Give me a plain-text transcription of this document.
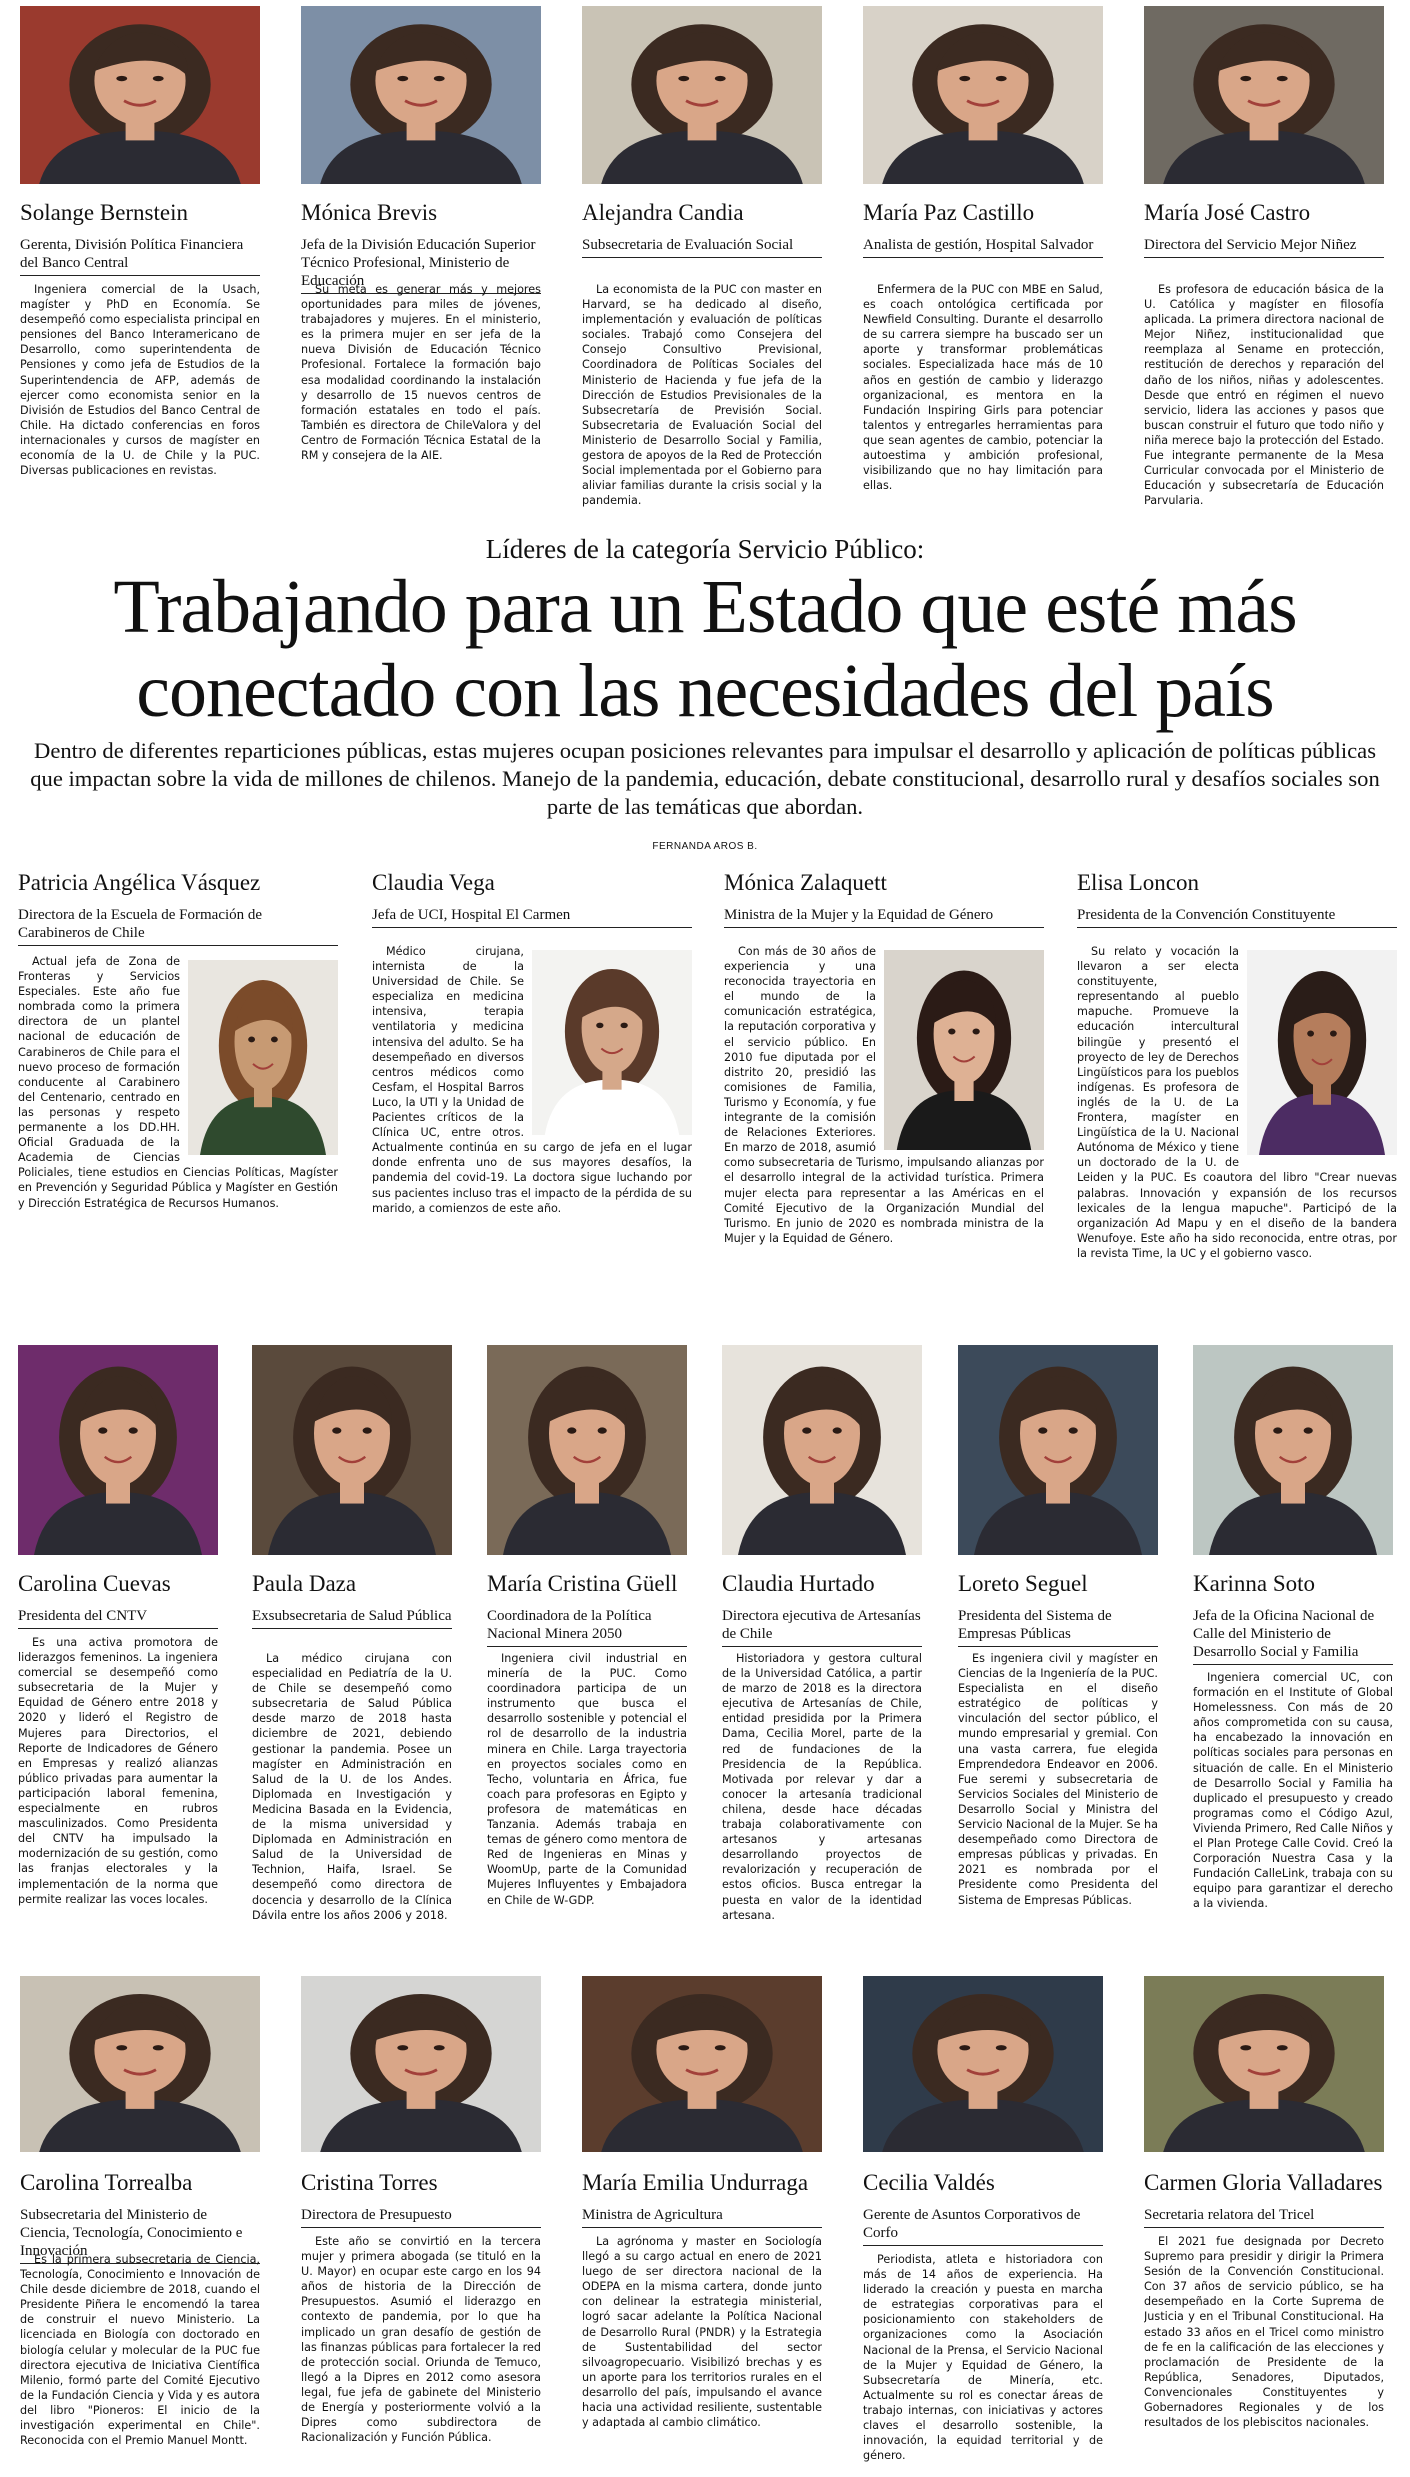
Solange Bernstein
Gerenta, División Política Financiera del Banco Central
Ingeniera comercial de la Usach, magíster y PhD en Economía. Se desempeñó como especialista principal en pensiones del Banco Interamericano de Desarrollo, como superintendenta de Pensiones y como jefa de Estudios de la Superintendencia de AFP, además de ejercer como economista senior en la División de Estudios del Banco Central de Chile. Ha dictado conferencias en foros internacionales y cursos de magíster en economía de la U. de Chile y la PUC. Diversas publicaciones en revistas.
Mónica Brevis
Jefa de la División Educación Superior Técnico Profesional, Ministerio de Educación
Su meta es generar más y mejores oportunidades para miles de jóvenes, trabajadores y mujeres. En el ministerio, es la primera mujer en ser jefa de la nueva División de Educación Técnico Profesional. Fortalece la formación bajo esa modalidad coordinando la instalación y desarrollo de 15 nuevos centros de formación estatales en todo el país. También es directora de ChileValora y del Centro de Formación Técnica Estatal de la RM y consejera de la AIE.
Alejandra Candia
Subsecretaria de Evaluación Social
La economista de la PUC con master en Harvard, se ha dedicado al diseño, implementación y evaluación de políticas sociales. Trabajó como Consejera del Consejo Consultivo Previsional, Coordinadora de Políticas Sociales del Ministerio de Hacienda y fue jefa de la Dirección de Estudios Previsionales de la Subsecretaría de Previsión Social. Subsecretaria de Evaluación Social del Ministerio de Desarrollo Social y Familia, gestora de apoyos de la Red de Protección Social implementada por el Gobierno para aliviar familias durante la crisis social y la pandemia.
María Paz Castillo
Analista de gestión, Hospital Salvador
Enfermera de la PUC con MBE en Salud, es coach ontológica certificada por Newfield Consulting. Durante el desarrollo de su carrera siempre ha buscado ser un aporte y transformar problemáticas sociales. Especializada hace más de 10 años en gestión de cambio y liderazgo organizacional, es mentora en la Fundación Inspiring Girls para potenciar talentos y entregarles herramientas para que sean agentes de cambio, potenciar la autoestima y ambición profesional, visibilizando que no hay limitación para ellas.
María José Castro
Directora del Servicio Mejor Niñez
Es profesora de educación básica de la U. Católica y magíster en filosofía aplicada. La primera directora nacional de Mejor Niñez, institucionalidad que reemplaza al Sename en protección, restitución de derechos y reparación del daño de los niños, niñas y adolescentes. Desde que entró en régimen el nuevo servicio, lidera las acciones y pasos que buscan construir el futuro que todo niño y niña merece bajo la protección del Estado. Fue integrante permanente de la Mesa Curricular convocada por el Ministerio de Educación y subsecretaría de Educación Parvularia.
Líderes de la categoría Servicio Público:
Trabajando para un Estado que esté más
conectado con las necesidades del país
Dentro de diferentes reparticiones públicas, estas mujeres ocupan posiciones relevantes para impulsar el desarrollo y aplicación de políticas públicas que impactan sobre la vida de millones de chilenos. Manejo de la pandemia, educación, debate constitucional, desarrollo rural y desafíos sociales son parte de las temáticas que abordan.
FERNANDA AROS B.
Patricia Angélica Vásquez
Directora de la Escuela de Formación de Carabineros de Chile
Actual jefa de Zona de Fronteras y Servicios Especiales. Este año fue nombrada como la primera directora de un plantel nacional de educación de Carabineros de Chile para el nuevo proceso de formación conducente al Carabinero del Centenario, centrado en las personas y respeto permanente a los DD.HH. Oficial Graduada de la Academia de Ciencias Policiales, tiene estudios en Ciencias Políticas, Magíster en Prevención y Seguridad Pública y Magíster en Gestión y Dirección Estratégica de Recursos Humanos.
Claudia Vega
Jefa de UCI, Hospital El Carmen
Médico cirujana, internista de la Universidad de Chile. Se especializa en medicina intensiva, terapia ventilatoria y medicina intensiva del adulto. Se ha desempeñado en diversos centros médicos como Cesfam, el Hospital Barros Luco, la UTI y la Unidad de Pacientes críticos de la Clínica UC, entre otros. Actualmente continúa en su cargo de jefa en el lugar donde enfrenta uno de sus mayores desafíos, la pandemia del covid-19. La doctora sigue luchando por sus pacientes incluso tras el impacto de la pérdida de su marido, a comienzos de este año.
Mónica Zalaquett
Ministra de la Mujer y la Equidad de Género
Con más de 30 años de experiencia y una reconocida trayectoria en el mundo de la comunicación estratégica, la reputación corporativa y el servicio público. En 2010 fue diputada por el distrito 20, presidió las comisiones de Familia, Turismo y Economía, y fue integrante de la comisión de Relaciones Exteriores. En marzo de 2018, asumió como subsecretaria de Turismo, impulsando alianzas por el desarrollo integral de la actividad turística. Primera mujer electa para representar a las Américas en el Comité Ejecutivo de la Organización Mundial del Turismo. En junio de 2020 es nombrada ministra de la Mujer y la Equidad de Género.
Elisa Loncon
Presidenta de la Convención Constituyente
Su relato y vocación la llevaron a ser electa constituyente, representando al pueblo mapuche. Promueve la educación intercultural bilingüe y presentó el proyecto de ley de Derechos Lingüísticos para los pueblos indígenas. Es profesora de inglés de la U. de La Frontera, magíster en Lingüística de la U. Nacional Autónoma de México y tiene un doctorado de la U. de Leiden y la PUC. Es coautora del libro "Crear nuevas palabras. Innovación y expansión de los recursos lexicales de la lengua mapuche". Participó de la organización Ad Mapu y en el diseño de la bandera Wenufoye. Este año ha sido reconocida, entre otras, por la revista Time, la UC y el gobierno vasco.
Carolina Cuevas
Presidenta del CNTV
Es una activa promotora de liderazgos femeninos. La ingeniera comercial se desempeñó como subsecretaria de la Mujer y Equidad de Género entre 2018 y 2020 y lideró el Registro de Mujeres para Directorios, el Reporte de Indicadores de Género en Empresas y realizó alianzas público privadas para aumentar la participación laboral femenina, especialmente en rubros masculinizados. Como Presidenta del CNTV ha impulsado la modernización de su gestión, como las franjas electorales y la implementación de la norma que permite realizar las voces locales.
Paula Daza
Exsubsecretaria de Salud Pública
La médico cirujana con especialidad en Pediatría de la U. de Chile se desempeñó como subsecretaria de Salud Pública desde marzo de 2018 hasta diciembre de 2021, debiendo gestionar la pandemia. Posee un magíster en Administración en Salud de la U. de los Andes. Diplomada en Investigación y Medicina Basada en la Evidencia, de la misma universidad y Diplomada en Administración en Salud de la Universidad de Technion, Haifa, Israel. Se desempeñó como directora de docencia y desarrollo de la Clínica Dávila entre los años 2006 y 2018.
María Cristina Güell
Coordinadora de la Política Nacional Minera 2050
Ingeniera civil industrial en minería de la PUC. Como coordinadora participa de un instrumento que busca el desarrollo sostenible y potencial el rol de desarrollo de la industria minera en Chile. Larga trayectoria en proyectos sociales como en Techo, voluntaria en África, fue coach para profesoras en Egipto y profesora de matemáticas en Tanzania. Además trabaja en temas de género como mentora de Red de Ingenieras en Minas y WoomUp, parte de la Comunidad Mujeres Influyentes y Embajadora en Chile de W-GDP.
Claudia Hurtado
Directora ejecutiva de Artesanías de Chile
Historiadora y gestora cultural de la Universidad Católica, a partir de marzo de 2018 es la directora ejecutiva de Artesanías de Chile, entidad presidida por la Primera Dama, Cecilia Morel, parte de la red de fundaciones de la Presidencia de la República. Motivada por relevar y dar a conocer la artesanía tradicional chilena, desde hace décadas trabaja colaborativamente con artesanos y artesanas desarrollando proyectos de revalorización y recuperación de estos oficios. Busca entregar la puesta en valor de la identidad artesana.
Loreto Seguel
Presidenta del Sistema de Empresas Públicas
Es ingeniera civil y magíster en Ciencias de la Ingeniería de la PUC. Especialista en el diseño estratégico de políticas y vinculación del sector público, el mundo empresarial y gremial. Con una vasta carrera, fue elegida Emprendedora Endeavor en 2006. Fue seremi y subsecretaria de Servicios Sociales del Ministerio de Desarrollo Social y Ministra del Servicio Nacional de la Mujer. Se ha desempeñado como Directora de empresas públicas y privadas. En 2021 es nombrada por el Presidente como Presidenta del Sistema de Empresas Públicas.
Karinna Soto
Jefa de la Oficina Nacional de Calle del Ministerio de Desarrollo Social y Familia
Ingeniera comercial UC, con formación en el Institute of Global Homelessness. Con más de 20 años comprometida con su causa, ha encabezado la innovación en políticas sociales para personas en situación de calle. En el Ministerio de Desarrollo Social y Familia ha duplicado el presupuesto y creado programas como el Código Azul, Vivienda Primero, Red Calle Niños y el Plan Protege Calle Covid. Creó la Corporación Nuestra Casa y la Fundación CalleLink, trabaja con su equipo para garantizar el derecho a la vivienda.
Carolina Torrealba
Subsecretaria del Ministerio de Ciencia, Tecnología, Conocimiento e Innovación
Es la primera subsecretaria de Ciencia, Tecnología, Conocimiento e Innovación de Chile desde diciembre de 2018, cuando el Presidente Piñera le encomendó la tarea de construir el nuevo Ministerio. La licenciada en Biología con doctorado en biología celular y molecular de la PUC fue directora ejecutiva de Iniciativa Científica Milenio, formó parte del Comité Ejecutivo de la Fundación Ciencia y Vida y es autora del libro "Pioneros: El inicio de la investigación experimental en Chile". Reconocida con el Premio Manuel Montt.
Cristina Torres
Directora de Presupuesto
Este año se convirtió en la tercera mujer y primera abogada (se tituló en la U. Mayor) en ocupar este cargo en los 94 años de historia de la Dirección de Presupuestos. Asumió el liderazgo en contexto de pandemia, por lo que ha implicado un gran desafío de gestión de las finanzas públicas para fortalecer la red de protección social. Oriunda de Temuco, llegó a la Dipres en 2012 como asesora legal, fue jefa de gabinete del Ministerio de Energía y posteriormente volvió a la Dipres como subdirectora de Racionalización y Función Pública.
María Emilia Undurraga
Ministra de Agricultura
La agrónoma y master en Sociología llegó a su cargo actual en enero de 2021 luego de ser directora nacional de la ODEPA en la misma cartera, donde junto con delinear la estrategia ministerial, logró sacar adelante la Política Nacional de Desarrollo Rural (PNDR) y la Estrategia de Sustentabilidad del sector silvoagropecuario. Visibilizó brechas y es un aporte para los territorios rurales en el desarrollo del país, impulsando el avance hacia una actividad resiliente, sustentable y adaptada al cambio climático.
Cecilia Valdés
Gerente de Asuntos Corporativos de Corfo
Periodista, atleta e historiadora con más de 14 años de experiencia. Ha liderado la creación y puesta en marcha de estrategias corporativas para el posicionamiento con stakeholders de organizaciones como la Asociación Nacional de la Prensa, el Servicio Nacional de la Mujer y Equidad de Género, la Subsecretaría de Minería, etc. Actualmente su rol es conectar áreas de trabajo internas, con iniciativas y actores claves el desarrollo sostenible, la innovación, la equidad territorial y de género.
Carmen Gloria Valladares
Secretaria relatora del Tricel
El 2021 fue designada por Decreto Supremo para presidir y dirigir la Primera Sesión de la Convención Constitucional. Con 37 años de servicio público, se ha desempeñado en la Corte Suprema de Justicia y en el Tribunal Constitucional. Ha estado 33 años en el Tricel como ministro de fe en la calificación de las elecciones y proclamación de Presidente de la República, Senadores, Diputados, Convencionales Constituyentes y Gobernadores Regionales y de los resultados de los plebiscitos nacionales.
